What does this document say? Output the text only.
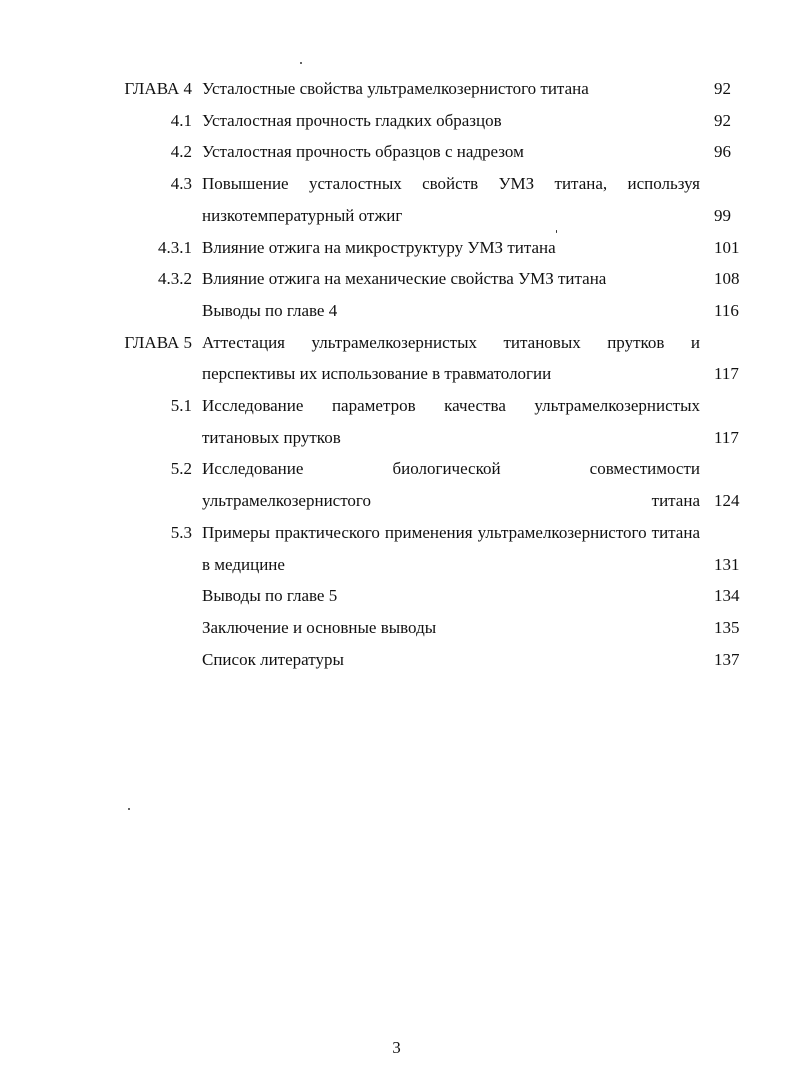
ГЛАВА 4 Усталостные свойства ультрамелкозернистого титана	92
4.1 Усталостная прочность гладких образцов	92
4.2 Усталостная прочность образцов с надрезом	96
4.3 Повышение усталостных свойств УМЗ титана, используя низкотемпературный отжиг	99
4.3.1 Влияние отжига на микроструктуру УМЗ титана	101
4.3.2 Влияние отжига на механические свойства УМЗ титана	108
Выводы по главе 4	116
ГЛАВА 5 Аттестация ультрамелкозернистых титановых прутков и перспективы их использование в травматологии	117
5.1 Исследование параметров качества ультрамелкозернистых титановых прутков	117
5.2 Исследование биологической совместимости ультрамелкозернистого титана 124
5.3 Примеры практического применения ультрамелкозернистого титана в медицине	131
Выводы по главе 5	134
Заключение и основные выводы	135
Список литературы	137
3
